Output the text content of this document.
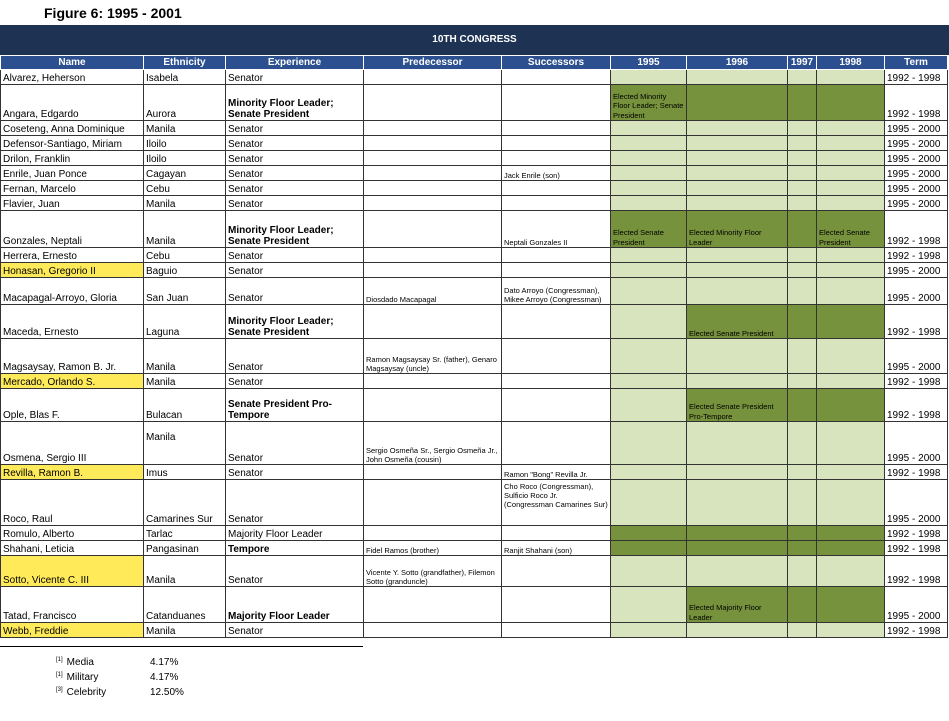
Figure 6: 1995 - 2001
10TH CONGRESS
Name	Ethnicity	Experience	Predecessor	Successors	1995	1996	1997	1998	Term
Alvarez, Heherson	Isabela	Senator							1992 - 1998
Angara, Edgardo	Aurora	Minority Floor Leader; Senate President			Elected Minority Floor Leader; Senate President				1992 - 1998
Coseteng, Anna Dominique	Manila	Senator							1995 - 2000
Defensor-Santiago, Miriam	Iloilo	Senator							1995 - 2000
Drilon, Franklin	Iloilo	Senator							1995 - 2000
Enrile, Juan Ponce	Cagayan	Senator		Jack Enrile (son)					1995 - 2000
Fernan, Marcelo	Cebu	Senator							1995 - 2000
Flavier, Juan	Manila	Senator							1995 - 2000
Gonzales, Neptali	Manila	Minority Floor Leader; Senate President		Neptali Gonzales II	Elected Senate President	Elected Minority Floor Leader		Elected Senate President	1992 - 1998
Herrera, Ernesto	Cebu	Senator							1992 - 1998
Honasan, Gregorio II	Baguio	Senator							1995 - 2000
Macapagal-Arroyo, Gloria	San Juan	Senator	Diosdado Macapagal	Dato Arroyo (Congressman), Mikee Arroyo (Congressman)					1995 - 2000
Maceda, Ernesto	Laguna	Minority Floor Leader; Senate President				Elected Senate President			1992 - 1998
Magsaysay, Ramon B. Jr.	Manila	Senator	Ramon Magsaysay Sr. (father), Genaro Magsaysay (uncle)						1995 - 2000
Mercado, Orlando S.	Manila	Senator							1992 - 1998
Ople, Blas F.	Bulacan	Senate President Pro-Tempore				Elected Senate President Pro-Tempore			1992 - 1998
Osmena, Sergio III	Manila	Senator	Sergio Osmeña Sr., Sergio Osmeña Jr., John Osmeña (cousin)						1995 - 2000
Revilla, Ramon B.	Imus	Senator		Ramon "Bong" Revilla Jr.					1992 - 1998
Roco, Raul	Camarines Sur	Senator		Cho Roco (Congressman), Sulficio Roco Jr. (Congressman Camarines Sur)					1995 - 2000
Romulo, Alberto	Tarlac	Majority Floor Leader							1992 - 1998
Shahani, Leticia	Pangasinan	Tempore	Fidel Ramos (brother)	Ranjit Shahani (son)					1992 - 1998
Sotto, Vicente C. III	Manila	Senator	Vicente Y. Sotto (grandfather), Filemon Sotto (granduncle)						1992 - 1998
Tatad, Francisco	Catanduanes	Majority Floor Leader				Elected Majority Floor Leader			1995 - 2000
Webb, Freddie	Manila	Senator							1992 - 1998
[1] Media	4.17%
[1] Military	4.17%
[3] Celebrity	12.50%
